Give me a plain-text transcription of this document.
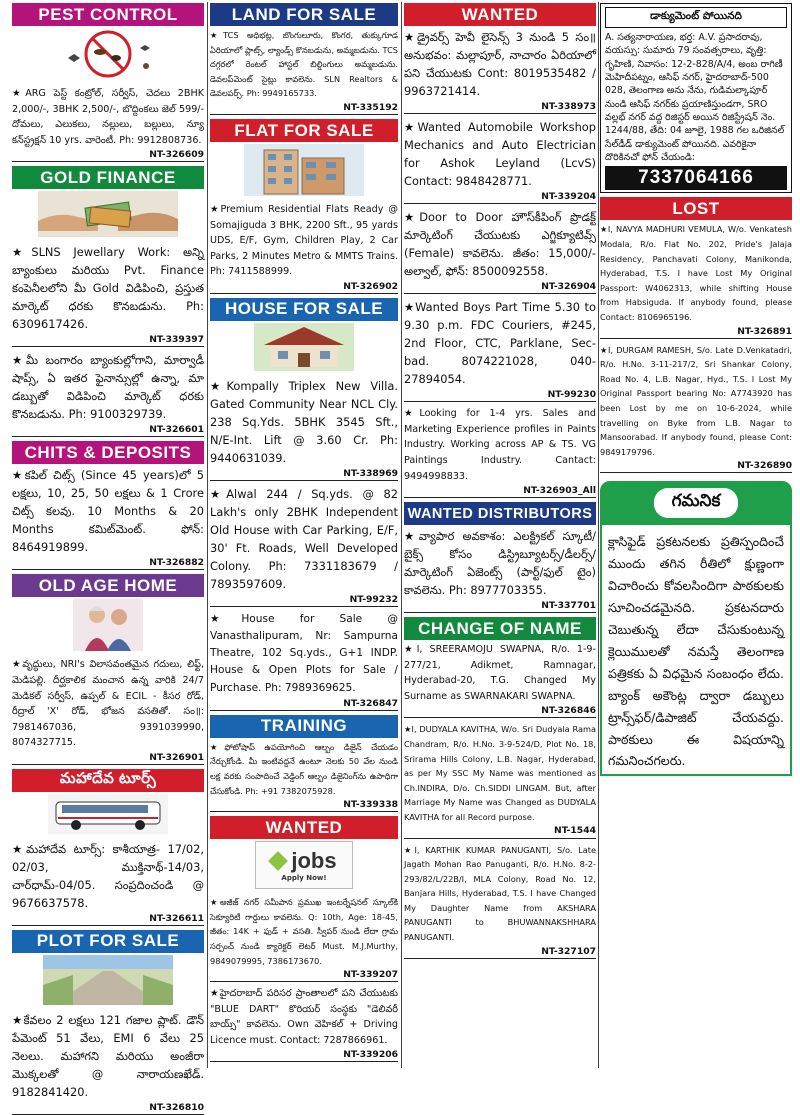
PEST CONTROL
★ARG పెస్ట్ కంట్రోల్, సర్వీస్, చెదలు 2BHK 2,000/-, 3BHK 2,500/-, బొద్దింకలు జెల్ 599/- దోమలు, ఎలుకలు, నల్లులు, బల్లులు, న్యూ కన్‌స్ట్రక్షన్ 10 yrs. వారెంటీ. Ph: 9912808736.
NT-326609
GOLD FINANCE
★SLNS Jewellary Work: అన్ని బ్యాంకులు మరియు Pvt. Finance కంపెనీలలోని మీ Gold విడిపించి, ప్రస్తుత మార్కెట్ ధరకు కొనబడును. Ph: 6309617426.
NT-339397
★మీ బంగారం బ్యాంకుల్లోగాని, మార్వాడీ షాప్స్, ఏ ఇతర ఫైనాన్సుల్లో ఉన్నా, మా డబ్బుతో విడిపించి మార్కెట్ ధరకు కొనబడును. Ph: 9100329739.
NT-326601
CHITS & DEPOSITS
★కపిల్ చిట్స్ (Since 45 years)లో 5 లక్షలు, 10, 25, 50 లక్షలు & 1 Crore చిట్స్ కలవు. 10 Months & 20 Months కమిట్‌మెంట్. ఫోన్: 8464919899.
NT-326882
OLD AGE HOME
★వృద్ధులు, NRI's విలాసవంతమైన గదులు, లిఫ్ట్, మెడిపల్లి. దీర్ఘకాలిక మంచాన ఉన్న వారికి 24/7 మెడికల్ సర్వీస్, ఉప్పల్ & ECIL - కీసర రోడ్, రీద్రాల్ 'X' రోడ్, భోజన వసతితో. సం॥: 7981467036, 9391039990, 8074327715.
NT-326901
మహాదేవ టూర్స్
★మహాదేవ టూర్స్: కాశీయాత్ర- 17/02, 02/03, ముక్తినాథ్-14/03, చార్‌ధామ్-04/05. సంప్రదించండి @ 9676637578.
NT-326611
PLOT FOR SALE
★కేవలం 2 లక్షలు 121 గజాల ప్లాట్. డౌన్ పేమెంట్ 51 వేలు, EMI 6 వేలు 25 నెలలు. మహాగని మరియు అంజీరా మొక్కలతో @ నారాయణఖేడ్. 9182841420.
NT-326810
LAND FOR SALE
★TCS అధిభట్ల, బొంగులూరు, కొంగర, తుక్కుగూడ ఏరియాలో ప్లాట్స్, ల్యాండ్స్ కొనబడును, అమ్మబడును. TCS దగ్గరలో రెంటల్ హాస్టల్ బిల్డింగులు అమ్మబడును. డెవలప్‌మెంట్ సైట్లు కావలెను. SLN Realtors & డెవలపర్స్. Ph: 9949165733.
NT-335192
FLAT FOR SALE
★Premium Residential Flats Ready @ Somajiguda 3 BHK, 2200 Sft., 95 yards UDS, E/F, Gym, Children Play, 2 Car Parks, 2 Minutes Metro & MMTS Trains. Ph: 7411588999.
NT-326902
HOUSE FOR SALE
★Kompally Triplex New Villa. Gated Community Near NCL Cly. 238 Sq.Yds. 5BHK 3545 Sft., N/E-Int. Lift @ 3.60 Cr. Ph: 9440631039.
NT-338969
★Alwal 244 / Sq.yds. @ 82 Lakh's only 2BHK Independent Old House with Car Parking, E/F, 30' Ft. Roads, Well Developed Colony. Ph: 7331183679 / 7893597609.
NT-99232
★House for Sale @ Vanasthalipuram, Nr: Sampurna Theatre, 102 Sq.yds., G+1 INDP. House & Open Plots for Sale / Purchase. Ph: 7989369625.
NT-326847
TRAINING
★ఫోటోషాప్ ఉపయోగించి ఆల్బం డిజైన్ చేయడం నేర్చుకోండి. మీ ఇంటివద్దనే ఉంటూ నెలకు 50 వేల నుండి లక్ష వరకు సంపాదించే వెడ్డింగ్ ఆల్బం డిజైనింగ్‌ను ఉపాధిగా చేసుకోండి. Ph: +91 7382075928.
NT-339338
WANTED
jobs
Apply Now!
★అజీజ్ నగర్ సమీపాన ప్రముఖ ఇంటర్నేషనల్ స్కూల్‌కి సెక్యూరిటీ గార్డులు కావలెను. Q: 10th, Age: 18-45, జీతం: 14K + ఫుడ్ + వసతి. స్వీపర్ నుండి లేదా గ్రామ సర్పంచ్ నుండి క్యారెక్టర్ లెటర్ Must. M.J.Murthy, 9849079995, 7386173670.
NT-339207
★హైదరాబాద్ పరిసర ప్రాంతాలలో పని చేయుటకు "BLUE DART" కొరియర్ సంస్థకు "డెలివరీ బాయ్స్" కావలెను. Own వెహికల్ + Driving Licence must. Contact: 7287866961.
NT-339206
WANTED
★డ్రైవర్స్ హెవీ లైసెన్స్ 3 నుండి 5 సం॥ అనుభవం: మల్లాపూర్, నాచారం ఏరియాలో పని చేయుటకు Cont: 8019535482 / 9963721414.
NT-338973
★Wanted Automobile Workshop Mechanics and Auto Electrician for Ashok Leyland (LcvS) Contact: 9848428771.
NT-339204
★Door to Door హౌస్‌కీపింగ్ ప్రొడక్ట్ మార్కెటింగ్ చేయుటకు ఎగ్జిక్యూటివ్స్ (Female) కావలెను. జీతం: 15,000/- అల్వాల్, ఫోన్: 8500092558.
NT-326904
★Wanted Boys Part Time 5.30 to 9.30 p.m. FDC Couriers, #245, 2nd Floor, CTC, Parklane, Sec-bad. 8074221028, 040-27894054.
NT-99230
★Looking for 1-4 yrs. Sales and Marketing Experience profiles in Paints Industry. Working across AP & TS. VG Paintings Industry. Cantact: 9494998833.
NT-326903_All
WANTED DISTRIBUTORS
★వ్యాపార అవకాశం: ఎలక్ట్రికల్ స్కూటీ/ బైక్స్ కోసం డిస్ట్రిబ్యూటర్స్/డీలర్స్/ మార్కెటింగ్ ఏజెంట్స్ (పార్ట్/ఫుల్ టైం) కావలెను. Ph: 8977703355.
NT-337701
CHANGE OF NAME
★I, SREERAMOJU SWAPNA, R/o. 1-9-277/21, Adikmet, Ramnagar, Hyderabad-20, T.G. Changed My Surname as SWARNAKARI SWAPNA.
NT-326846
★I, DUDYALA KAVITHA, W/o. Sri Dudyala Rama Chandram, R/o. H.No. 3-9-524/D, Plot No. 18, Srirama Hills Colony, L.B. Nagar, Hyderabad, as per My SSC My Name was mentioned as Ch.INDIRA, D/o. Ch.SIDDI LINGAM. But, after Marriage My Name was Changed as DUDYALA KAVITHA for all Record purpose.
NT-1544
★I, KARTHIK KUMAR PANUGANTI, S/o. Late Jagath Mohan Rao Panuganti, R/o. H.No. 8-2-293/82/L/22B/I, MLA Colony, Road No. 12, Banjara Hills, Hyderabad, T.S. I have Changed My Daughter Name from AKSHARA PANUGANTI to BHUWANNAKSHHARA PANUGANTI.
NT-327107
డాక్యుమెంట్ పోయినది
A. సత్యనారాయణ, భర్త: A.V. ప్రసాదరావు, వయస్సు: సుమారు 79 సంవత్సరాలు, వృత్తి: గృహిణి, నివాసం: 12-2-828/A/4, అంబ రాగిణీ మెహిదీపట్నం, ఆసిఫ్ నగర్, హైదరాబాద్-500 028, తెలంగాణ అను నేను, గుడిమల్కాపూర్ నుండి ఆసిఫ్ నగర్‌కు ప్రయాణిస్తుండగా, SRO వల్లభ్ నగర్ వద్ద రిజిస్టర్ అయిన రిజిస్ట్రేషన్ నెం. 1244/88, తేది: 04 జూలై, 1988 గల ఒరిజినల్ సేల్‌డీడ్ డాక్యుమెంట్ పోయినది. ఎవరికైనా దొరికినచో ఫోన్ చేయండి:
7337064166
LOST
★I, NAVYA MADHURI VEMULA, W/o. Venkatesh Modala, R/o. Flat No. 202, Pride's Jalaja Residency, Panchavati Colony, Manikonda, Hyderabad, T.S. I have Lost My Original Passport: W4062313, while shifting House from Habsiguda. If anybody found, please Contact: 8106965196.
NT-326891
★I, DURGAM RAMESH, S/o. Late D.Venkatadri, R/o. H.No. 3-11-217/2, Sri Shankar Colony, Road No. 4, L.B. Nagar, Hyd., T.S. I Lost My Original Passport bearing No: A7743920 has been Lost by me on 10-6-2024, while travelling on Byke from L.B. Nagar to Mansoorabad. If anybody found, please Cont: 9849179796.
NT-326890
గమనిక
క్లాసిఫైడ్ ప్రకటనలకు ప్రతిస్పందించే ముందు తగిన రీతిలో క్షుణ్ణంగా విచారించు కోవలసిందిగా పాఠకులకు సూచించడమైనది. ప్రకటనదారు చెబుతున్న లేదా చేసుకుంటున్న క్లెయిములతో నమస్తే తెలంగాణ పత్రికకు ఏ విధమైన సంబంధం లేదు. బ్యాంక్ అకౌంట్ల ద్వారా డబ్బులు ట్రాన్స్‌ఫర్/డిపాజిట్ చేయవద్దు. పాఠకులు ఈ విషయాన్ని గమనించగలరు.
